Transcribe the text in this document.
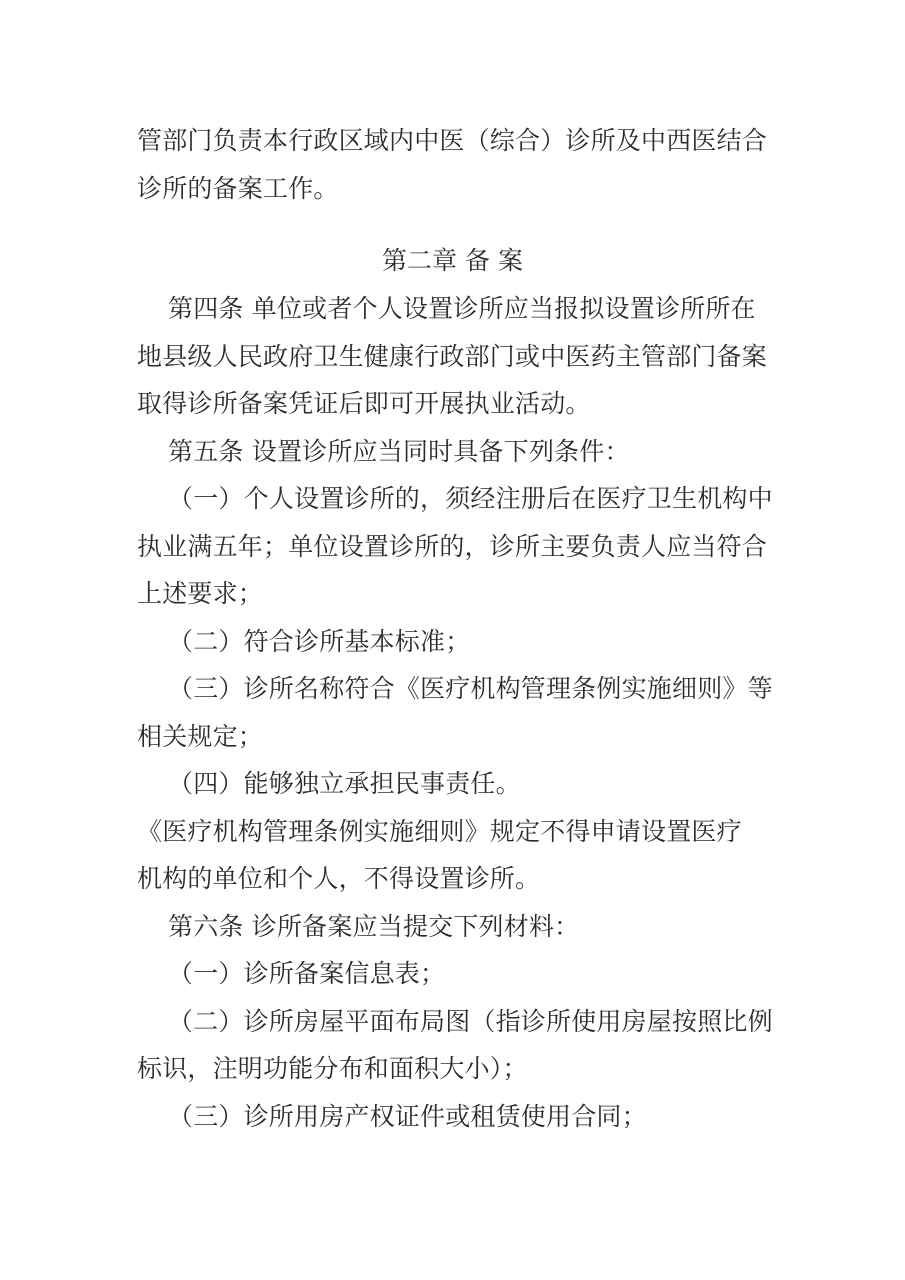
管部门负责本行政区域内中医（综合）诊所及中西医结合
诊所的备案工作。
第二章 备 案
第四条 单位或者个人设置诊所应当报拟设置诊所所在
地县级人民政府卫生健康行政部门或中医药主管部门备案
取得诊所备案凭证后即可开展执业活动。
第五条 设置诊所应当同时具备下列条件：
（一）个人设置诊所的，须经注册后在医疗卫生机构中
执业满五年；单位设置诊所的，诊所主要负责人应当符合
上述要求；
（二）符合诊所基本标准；
（三）诊所名称符合《医疗机构管理条例实施细则》等
相关规定；
（四）能够独立承担民事责任。
《医疗机构管理条例实施细则》规定不得申请设置医疗
机构的单位和个人，不得设置诊所。
第六条 诊所备案应当提交下列材料：
（一）诊所备案信息表；
（二）诊所房屋平面布局图（指诊所使用房屋按照比例
标识，注明功能分布和面积大小）；
（三）诊所用房产权证件或租赁使用合同；
